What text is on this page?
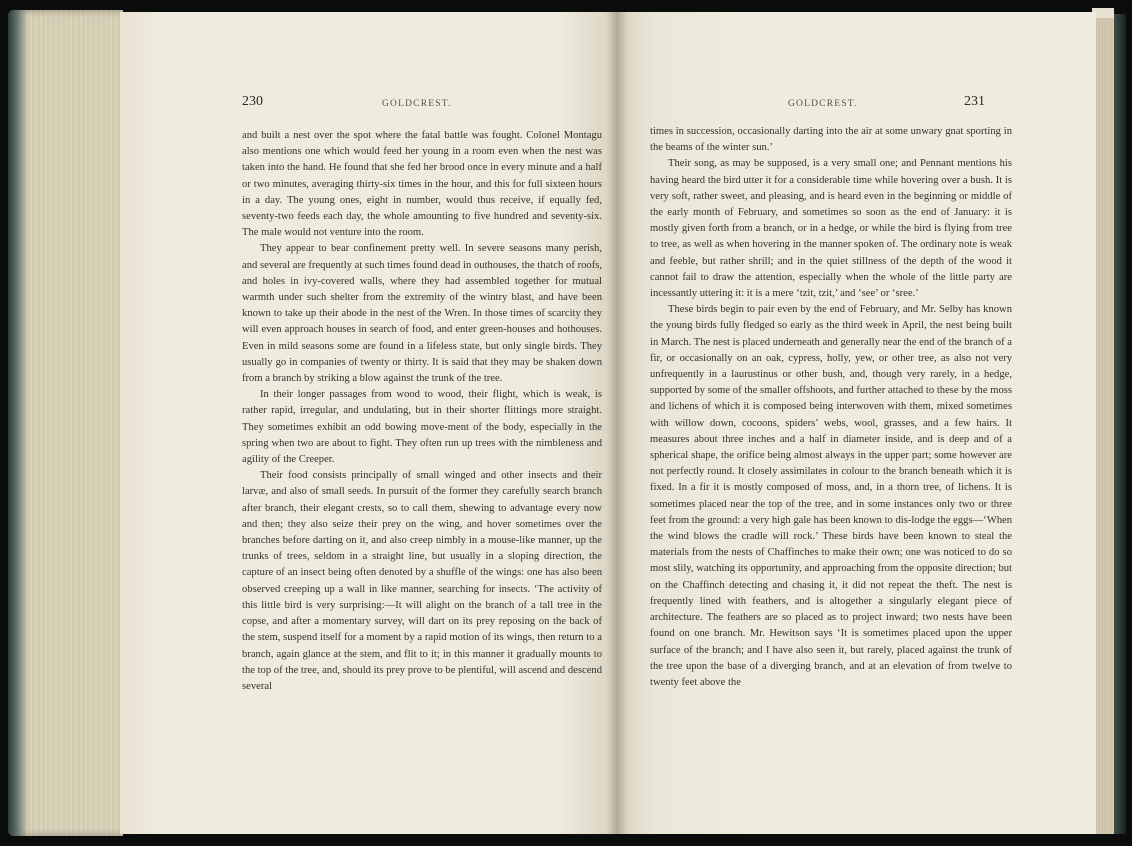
230	GOLDCREST.

and built a nest over the spot where the fatal battle was fought. Colonel Montagu also mentions one which would feed her young in a room even when the nest was taken into the hand. He found that she fed her brood once in every minute and a half or two minutes, averaging thirty-six times in the hour, and this for full sixteen hours in a day. The young ones, eight in number, would thus receive, if equally fed, seventy-two feeds each day, the whole amounting to five hundred and seventy-six. The male would not venture into the room.

They appear to bear confinement pretty well. In severe seasons many perish, and several are frequently at such times found dead in outhouses, the thatch of roofs, and holes in ivy-covered walls, where they had assembled together for mutual warmth under such shelter from the extremity of the wintry blast, and have been known to take up their abode in the nest of the Wren. In those times of scarcity they will even approach houses in search of food, and enter green-houses and hothouses. Even in mild seasons some are found in a lifeless state, but only single birds. They usually go in companies of twenty or thirty. It is said that they may be shaken down from a branch by striking a blow against the trunk of the tree.

In their longer passages from wood to wood, their flight, which is weak, is rather rapid, irregular, and undulating, but in their shorter flittings more straight. They sometimes exhibit an odd bowing move-ment of the body, especially in the spring when two are about to fight. They often run up trees with the nimbleness and agility of the Creeper.

Their food consists principally of small winged and other insects and their larvæ, and also of small seeds. In pursuit of the former they carefully search branch after branch, their elegant crests, so to call them, shewing to advantage every now and then; they also seize their prey on the wing, and hover sometimes over the branches before darting on it, and also creep nimbly in a mouse-like manner, up the trunks of trees, seldom in a straight line, but usually in a sloping direction, the capture of an insect being often denoted by a shuffle of the wings: one has also been observed creeping up a wall in like manner, searching for insects. ‘The activity of this little bird is very surprising:—It will alight on the branch of a tall tree in the copse, and after a momentary survey, will dart on its prey reposing on the back of the stem, suspend itself for a moment by a rapid motion of its wings, then return to a branch, again glance at the stem, and flit to it; in this manner it gradually mounts to the top of the tree, and, should its prey prove to be plentiful, will ascend and descend several

GOLDCREST.	231

times in succession, occasionally darting into the air at some unwary gnat sporting in the beams of the winter sun.’

Their song, as may be supposed, is a very small one; and Pennant mentions his having heard the bird utter it for a considerable time while hovering over a bush. It is very soft, rather sweet, and pleasing, and is heard even in the beginning or middle of the early month of February, and sometimes so soon as the end of January: it is mostly given forth from a branch, or in a hedge, or while the bird is flying from tree to tree, as well as when hovering in the manner spoken of. The ordinary note is weak and feeble, but rather shrill; and in the quiet stillness of the depth of the wood it cannot fail to draw the attention, especially when the whole of the little party are incessantly uttering it: it is a mere ‘tzit, tzit,’ and ‘see’ or ‘sree.’

These birds begin to pair even by the end of February, and Mr. Selby has known the young birds fully fledged so early as the third week in April, the nest being built in March. The nest is placed underneath and generally near the end of the branch of a fir, or occasionally on an oak, cypress, holly, yew, or other tree, as also not very unfrequently in a laurustinus or other bush, and, though very rarely, in a hedge, supported by some of the smaller offshoots, and further attached to these by the moss and lichens of which it is composed being interwoven with them, mixed sometimes with willow down, cocoons, spiders’ webs, wool, grasses, and a few hairs. It measures about three inches and a half in diameter inside, and is deep and of a spherical shape, the orifice being almost always in the upper part; some however are not perfectly round. It closely assimilates in colour to the branch beneath which it is fixed. In a fir it is mostly composed of moss, and, in a thorn tree, of lichens. It is sometimes placed near the top of the tree, and in some instances only two or three feet from the ground: a very high gale has been known to dis-lodge the eggs—‘When the wind blows the cradle will rock.’ These birds have been known to steal the materials from the nests of Chaffinches to make their own; one was noticed to do so most slily, watching its opportunity, and approaching from the opposite direction; but on the Chaffinch detecting and chasing it, it did not repeat the theft. The nest is frequently lined with feathers, and is altogether a singularly elegant piece of architecture. The feathers are so placed as to project inward; two nests have been found on one branch. Mr. Hewitson says ‘It is sometimes placed upon the upper surface of the branch; and I have also seen it, but rarely, placed against the trunk of the tree upon the base of a diverging branch, and at an elevation of from twelve to twenty feet above the
